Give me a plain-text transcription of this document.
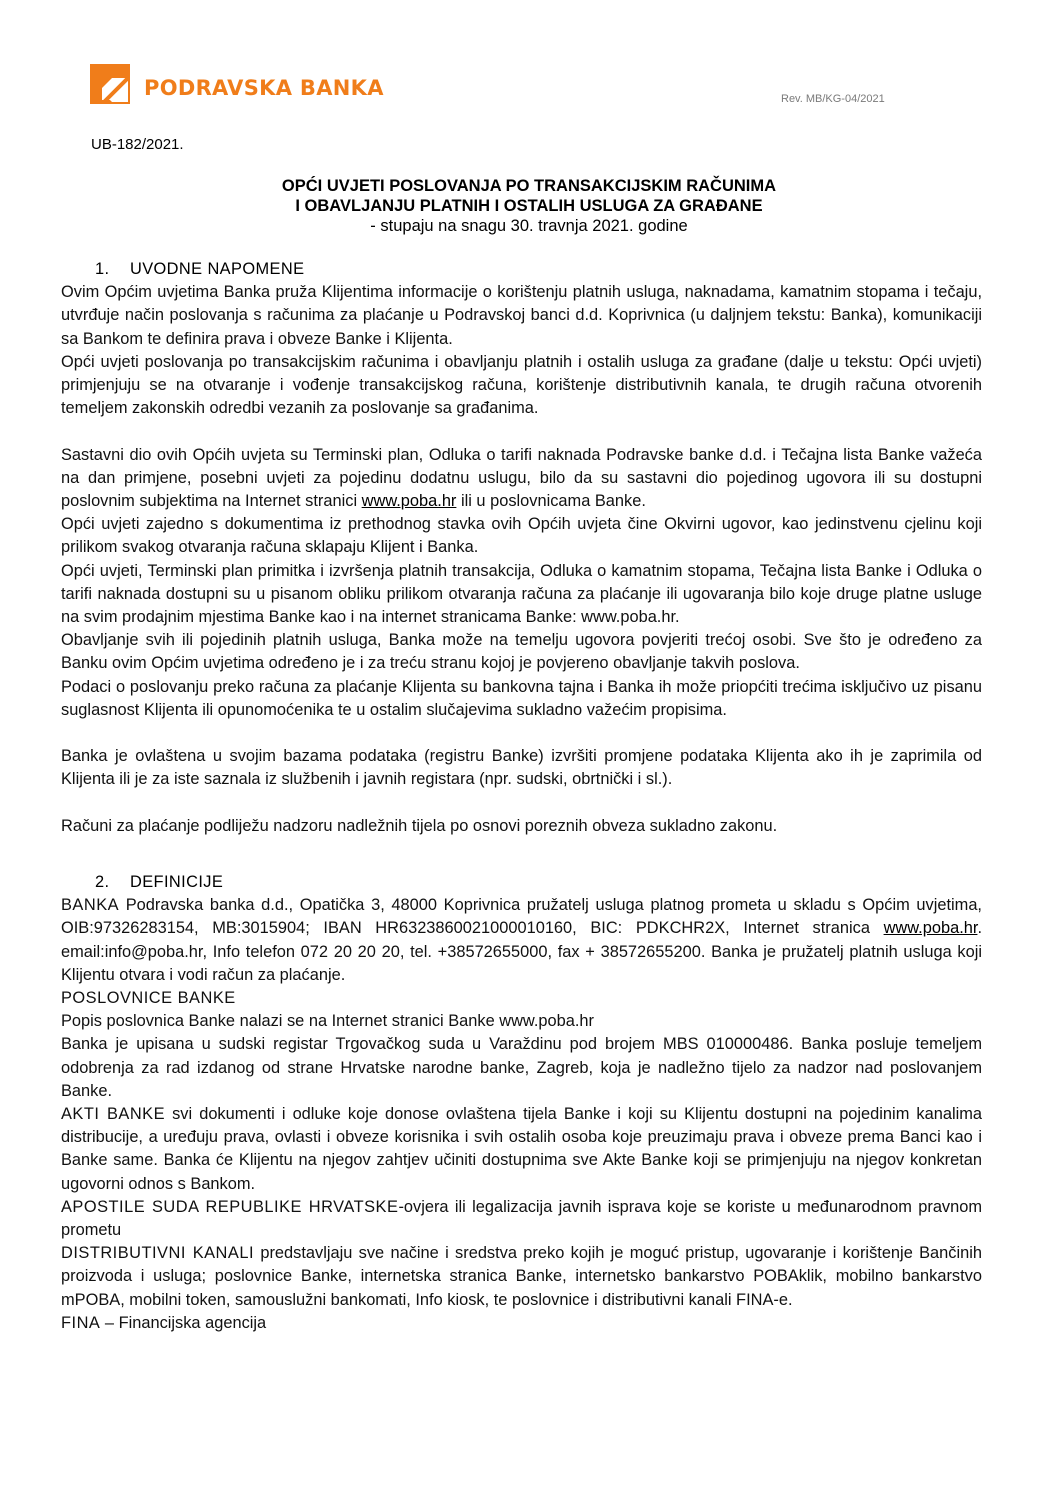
PODRAVSKA BANKA	Rev. MB/KG-04/2021
UB-182/2021.
OPĆI UVJETI POSLOVANJA PO TRANSAKCIJSKIM RAČUNIMA
I OBAVLJANJU PLATNIH I OSTALIH USLUGA ZA GRAĐANE
- stupaju na snagu 30. travnja 2021. godine
1. UVODNE NAPOMENE

Ovim Općim uvjetima Banka pruža Klijentima informacije o korištenju platnih usluga, naknadama, kamatnim stopama i tečaju, utvrđuje način poslovanja s računima za plaćanje u Podravskoj banci d.d. Koprivnica (u daljnjem tekstu: Banka), komunikaciji sa Bankom te definira prava i obveze Banke i Klijenta.

Opći uvjeti poslovanja po transakcijskim računima i obavljanju platnih i ostalih usluga za građane (dalje u tekstu: Opći uvjeti) primjenjuju se na otvaranje i vođenje transakcijskog računa, korištenje distributivnih kanala, te drugih računa otvorenih temeljem zakonskih odredbi vezanih za poslovanje sa građanima.

Sastavni dio ovih Općih uvjeta su Terminski plan, Odluka o tarifi naknada Podravske banke d.d. i Tečajna lista Banke važeća na dan primjene, posebni uvjeti za pojedinu dodatnu uslugu, bilo da su sastavni dio pojedinog ugovora ili su dostupni poslovnim subjektima na Internet stranici www.poba.hr ili u poslovnicama Banke.

Opći uvjeti zajedno s dokumentima iz prethodnog stavka ovih Općih uvjeta čine Okvirni ugovor, kao jedinstvenu cjelinu koji prilikom svakog otvaranja računa sklapaju Klijent i Banka.

Opći uvjeti, Terminski plan primitka i izvršenja platnih transakcija, Odluka o kamatnim stopama, Tečajna lista Banke i Odluka o tarifi naknada dostupni su u pisanom obliku prilikom otvaranja računa za plaćanje ili ugovaranja bilo koje druge platne usluge na svim prodajnim mjestima Banke kao i na internet stranicama Banke: www.poba.hr.

Obavljanje svih ili pojedinih platnih usluga, Banka može na temelju ugovora povjeriti trećoj osobi. Sve što je određeno za Banku ovim Općim uvjetima određeno je i za treću stranu kojoj je povjereno obavljanje takvih poslova.

Podaci o poslovanju preko računa za plaćanje Klijenta su bankovna tajna i Banka ih može priopćiti trećima isključivo uz pisanu suglasnost Klijenta ili opunomoćenika te u ostalim slučajevima sukladno važećim propisima.

Banka je ovlaštena u svojim bazama podataka (registru Banke) izvršiti promjene podataka Klijenta ako ih je zaprimila od Klijenta ili je za iste saznala iz službenih i javnih registara (npr. sudski, obrtnički i sl.).

Računi za plaćanje podliježu nadzoru nadležnih tijela po osnovi poreznih obveza sukladno zakonu.

2. DEFINICIJE

BANKA Podravska banka d.d., Opatička 3, 48000 Koprivnica pružatelj usluga platnog prometa u skladu s Općim uvjetima, OIB:97326283154, MB:3015904; IBAN HR6323860021000010160, BIC: PDKCHR2X, Internet stranica www.poba.hr. email:info@poba.hr, Info telefon 072 20 20 20, tel. +38572655000, fax + 38572655200. Banka je pružatelj platnih usluga koji Klijentu otvara i vodi račun za plaćanje.

POSLOVNICE BANKE

Popis poslovnica Banke nalazi se na Internet stranici Banke www.poba.hr

Banka je upisana u sudski registar Trgovačkog suda u Varaždinu pod brojem MBS 010000486. Banka posluje temeljem odobrenja za rad izdanog od strane Hrvatske narodne banke, Zagreb, koja je nadležno tijelo za nadzor nad poslovanjem Banke.

AKTI BANKE svi dokumenti i odluke koje donose ovlaštena tijela Banke i koji su Klijentu dostupni na pojedinim kanalima distribucije, a uređuju prava, ovlasti i obveze korisnika i svih ostalih osoba koje preuzimaju prava i obveze prema Banci kao i Banke same. Banka će Klijentu na njegov zahtjev učiniti dostupnima sve Akte Banke koji se primjenjuju na njegov konkretan ugovorni odnos s Bankom.

APOSTILE SUDA REPUBLIKE HRVATSKE-ovjera ili legalizacija javnih isprava koje se koriste u međunarodnom pravnom prometu

DISTRIBUTIVNI KANALI predstavljaju sve načine i sredstva preko kojih je moguć pristup, ugovaranje i korištenje Bančinih proizvoda i usluga; poslovnice Banke, internetska stranica Banke, internetsko bankarstvo POBAklik, mobilno bankarstvo mPOBA, mobilni token, samouslužni bankomati, Info kiosk, te poslovnice i distributivni kanali FINA-e.

FINA – Financijska agencija
